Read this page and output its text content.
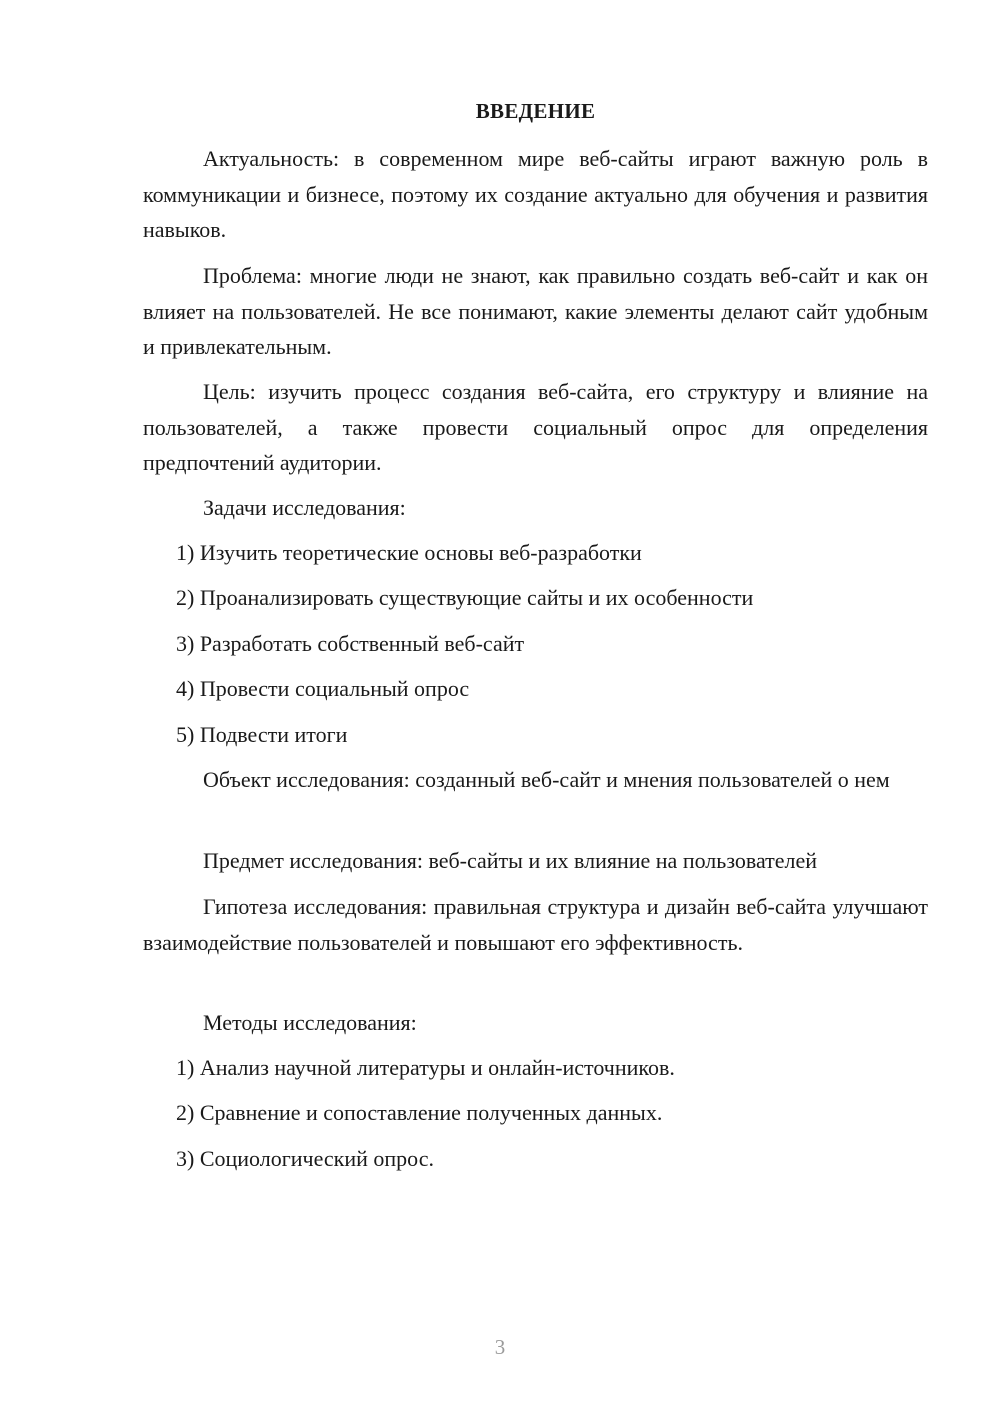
ВВЕДЕНИЕ
Актуальность: в современном мире веб-сайты играют важную роль в коммуникации и бизнесе, поэтому их создание актуально для обучения и развития навыков.
Проблема: многие люди не знают, как правильно создать веб-сайт и как он влияет на пользователей. Не все понимают, какие элементы делают сайт удобным и привлекательным.
Цель: изучить процесс создания веб-сайта, его структуру и влияние на пользователей, а также провести социальный опрос для определения предпочтений аудитории.
Задачи исследования:
1) Изучить теоретические основы веб-разработки
2) Проанализировать существующие сайты и их особенности
3) Разработать собственный веб-сайт
4) Провести социальный опрос
5) Подвести итоги
Объект исследования: созданный веб-сайт и мнения пользователей о нем
Предмет исследования: веб-сайты и их влияние на пользователей
Гипотеза исследования: правильная структура и дизайн веб-сайта улучшают взаимодействие пользователей и повышают его эффективность.
Методы исследования:
1) Анализ научной литературы и онлайн-источников.
2) Сравнение и сопоставление полученных данных.
3) Социологический опрос.
3
